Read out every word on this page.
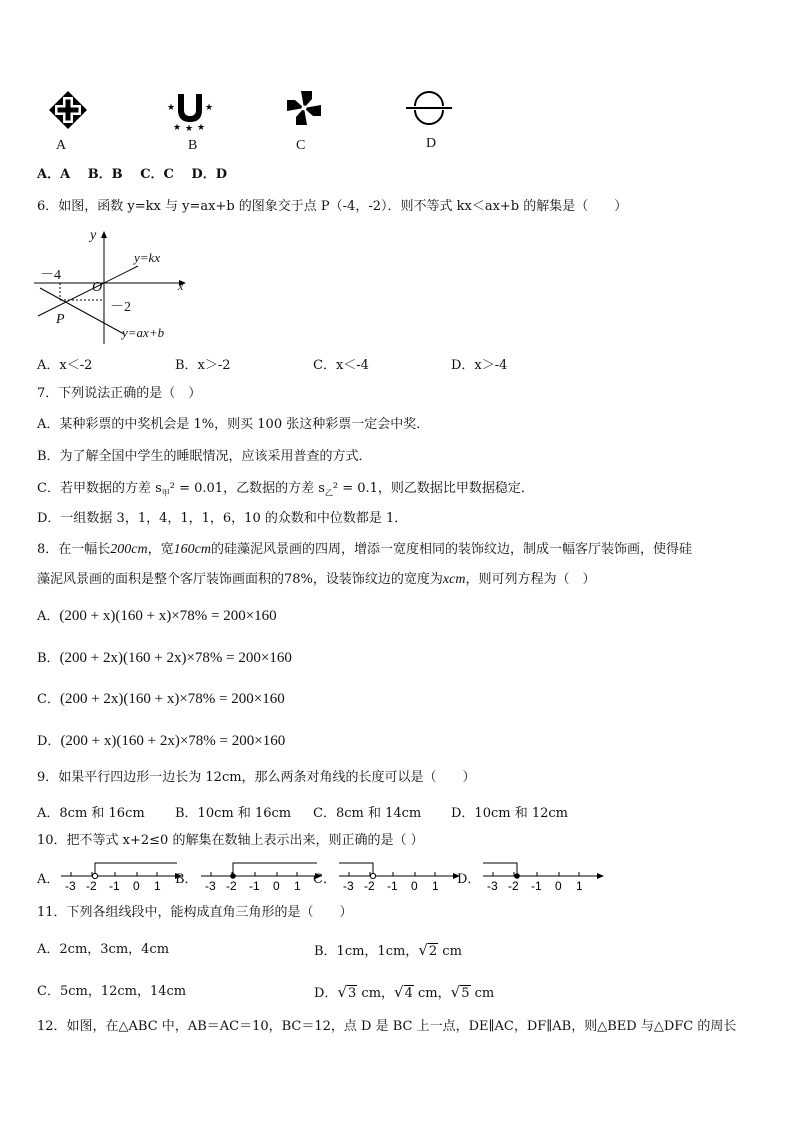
A
★	★
★ ★ ★
B	C	D
A．A　 B．B　 C．C　 D．D
6．如图，函数 y=kx 与 y=ax+b 的图象交于点 P（-4，-2）．则不等式 kx＜ax+b 的解集是（　　）
y
x
O
y=kx
y=ax+b
P
－4
－2
A．x＜-2	B．x＞-2	C．x＜-4	D．x＞-4
7．下列说法正确的是（　）
A．某种彩票的中奖机会是 1%，则买 100 张这种彩票一定会中奖．
B．为了解全国中学生的睡眠情况，应该采用普查的方式．
C．若甲数据的方差 $s_甲^2 = 0.01$，乙数据的方差 $s_乙^2 = 0.1$，则乙数据比甲数据稳定．
D．一组数据 3，1，4，1，1，6，10 的众数和中位数都是 1．
8．在一幅长200cm，宽160cm的硅藻泥风景画的四周，增添一宽度相同的装饰纹边，制成一幅客厅装饰画，使得硅
藻泥风景画的面积是整个客厅装饰画面积的78%，设装饰纹边的宽度为xcm，则可列方程为（　）
A．(200 + x)(160 + x)×78% = 200×160
B．(200 + 2x)(160 + 2x)×78% = 200×160
C．(200 + 2x)(160 + x)×78% = 200×160
D．(200 + x)(160 + 2x)×78% = 200×160
9．如果平行四边形一边长为 12cm，那么两条对角线的长度可以是（　　）
A．8cm 和 16cm B．10cm 和 16cm C．8cm 和 14cm D．10cm 和 12cm
10．把不等式 x+2≤0 的解集在数轴上表示出来，则正确的是（ ）
A． -3 -2 -1 0 1 B． -3 -2 -1 0 1 C． -3 -2 -1 0 1 D． -3 -2 -1 0 1
11．下列各组线段中，能构成直角三角形的是（　　）
A．2cm，3cm，4cm	B．1cm，1cm，√2 cm
C．5cm，12cm，14cm	D．√3 cm，√4 cm，√5 cm
12．如图，在△ABC 中，AB＝AC＝10，BC＝12，点 D 是 BC 上一点，DE∥AC，DF∥AB，则△BED 与△DFC 的周长
